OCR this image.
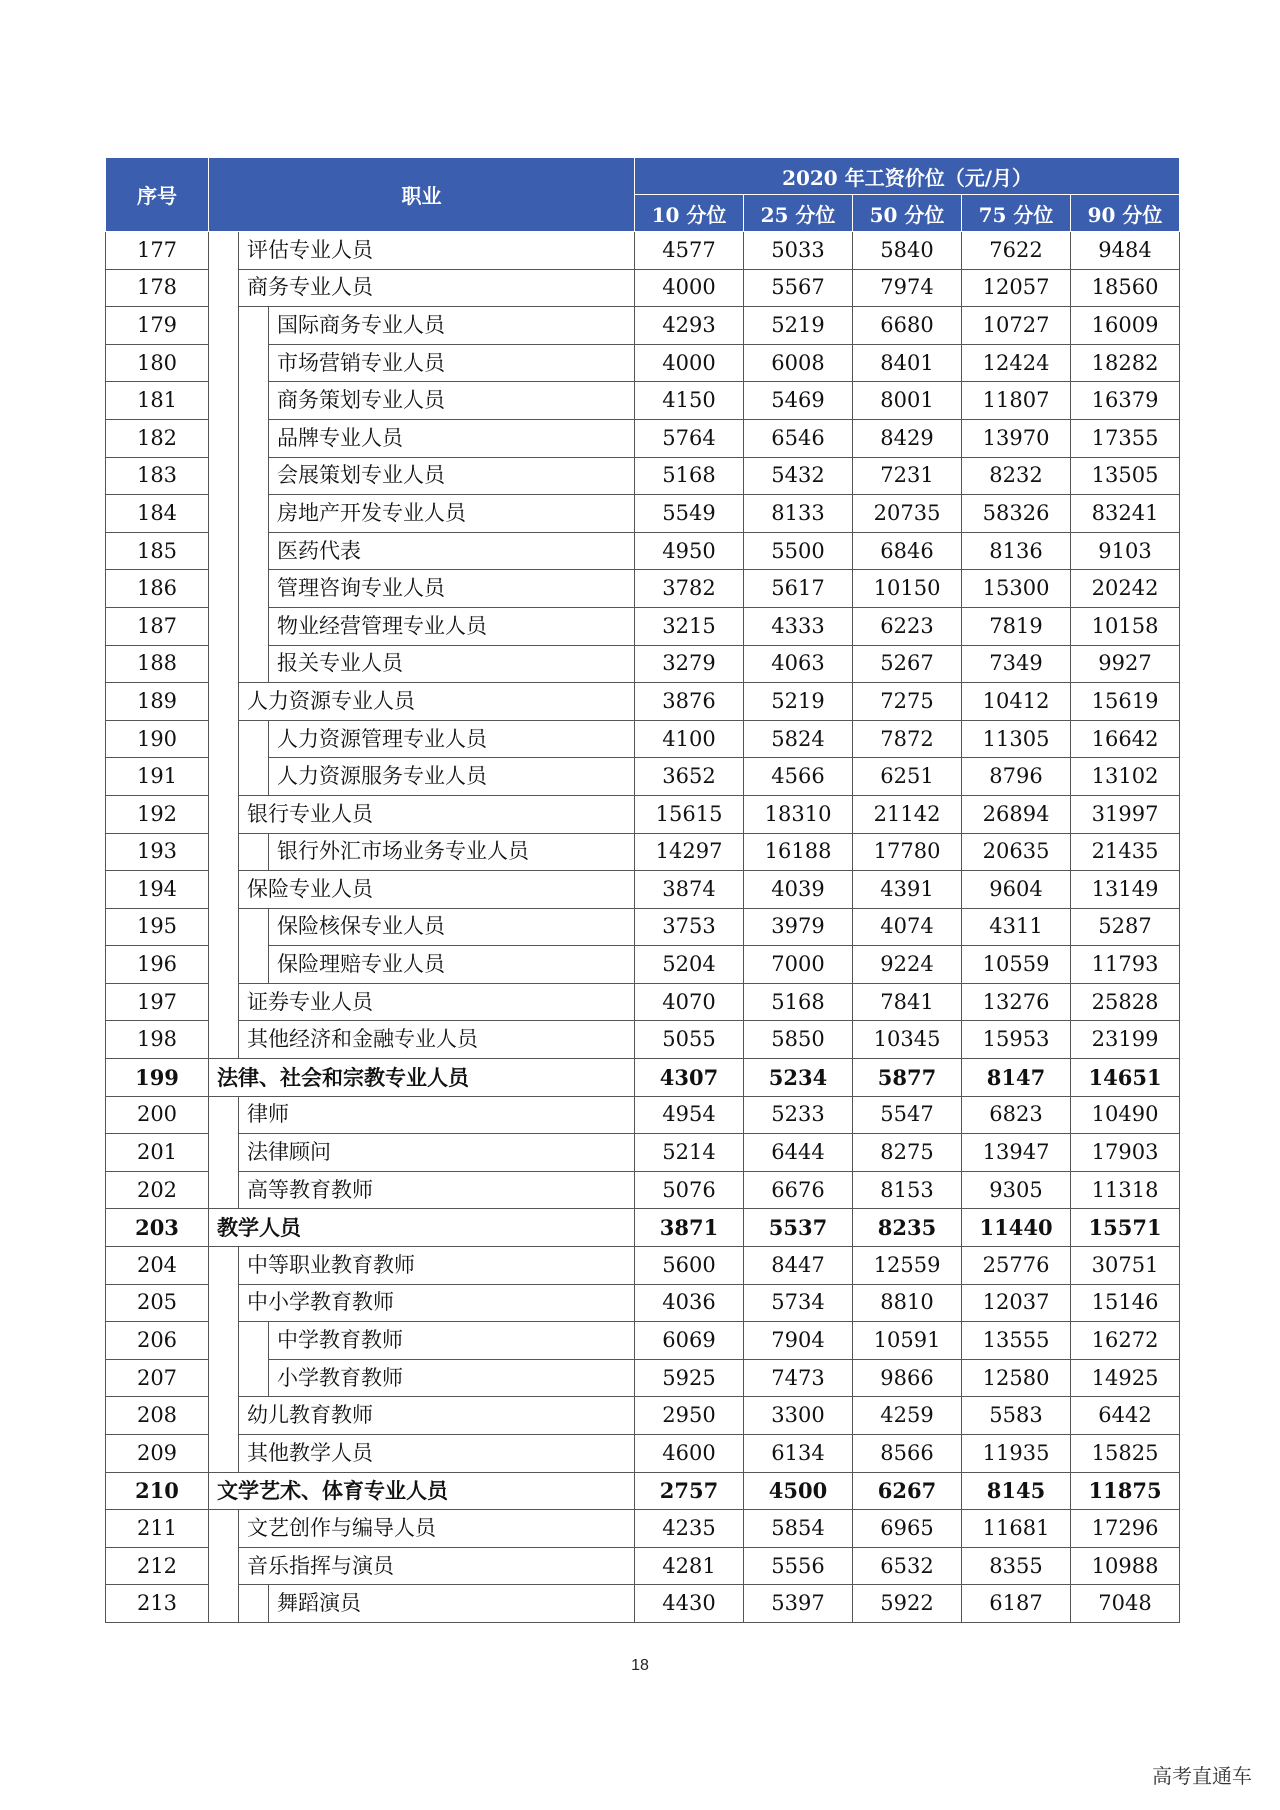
序号	职业			2020 年工资价位（元/月）				
				10 分位	25 分位	50 分位	75 分位	90 分位
177		评估专业人员		4577	5033	5840	7622	9484
178		商务专业人员		4000	5567	7974	12057	18560
179			国际商务专业人员	4293	5219	6680	10727	16009
180			市场营销专业人员	4000	6008	8401	12424	18282
181			商务策划专业人员	4150	5469	8001	11807	16379
182			品牌专业人员	5764	6546	8429	13970	17355
183			会展策划专业人员	5168	5432	7231	8232	13505
184			房地产开发专业人员	5549	8133	20735	58326	83241
185			医药代表	4950	5500	6846	8136	9103
186			管理咨询专业人员	3782	5617	10150	15300	20242
187			物业经营管理专业人员	3215	4333	6223	7819	10158
188			报关专业人员	3279	4063	5267	7349	9927
189		人力资源专业人员		3876	5219	7275	10412	15619
190			人力资源管理专业人员	4100	5824	7872	11305	16642
191			人力资源服务专业人员	3652	4566	6251	8796	13102
192		银行专业人员		15615	18310	21142	26894	31997
193			银行外汇市场业务专业人员	14297	16188	17780	20635	21435
194		保险专业人员		3874	4039	4391	9604	13149
195			保险核保专业人员	3753	3979	4074	4311	5287
196			保险理赔专业人员	5204	7000	9224	10559	11793
197		证券专业人员		4070	5168	7841	13276	25828
198		其他经济和金融专业人员		5055	5850	10345	15953	23199
199	法律、社会和宗教专业人员			4307	5234	5877	8147	14651
200		律师		4954	5233	5547	6823	10490
201		法律顾问		5214	6444	8275	13947	17903
202		高等教育教师		5076	6676	8153	9305	11318
203	教学人员			3871	5537	8235	11440	15571
204		中等职业教育教师		5600	8447	12559	25776	30751
205		中小学教育教师		4036	5734	8810	12037	15146
206			中学教育教师	6069	7904	10591	13555	16272
207			小学教育教师	5925	7473	9866	12580	14925
208		幼儿教育教师		2950	3300	4259	5583	6442
209		其他教学人员		4600	6134	8566	11935	15825
210	文学艺术、体育专业人员			2757	4500	6267	8145	11875
211		文艺创作与编导人员		4235	5854	6965	11681	17296
212		音乐指挥与演员		4281	5556	6532	8355	10988
213			舞蹈演员	4430	5397	5922	6187	7048
18
高考直通车
